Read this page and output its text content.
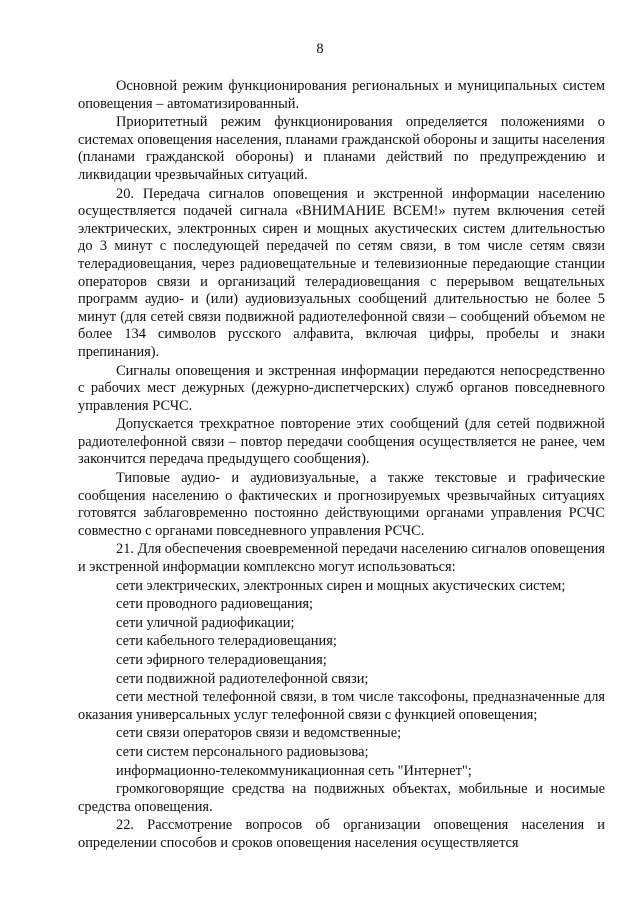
8

Основной режим функционирования региональных и муниципальных систем оповещения – автоматизированный.

Приоритетный режим функционирования определяется положениями о системах оповещения населения, планами гражданской обороны и защиты населения (планами гражданской обороны) и планами действий по предупреждению и ликвидации чрезвычайных ситуаций.

20. Передача сигналов оповещения и экстренной информации населению осуществляется подачей сигнала «ВНИМАНИЕ ВСЕМ!» путем включения сетей электрических, электронных сирен и мощных акустических систем длительностью до 3 минут с последующей передачей по сетям связи, в том числе сетям связи телерадиовещания, через радиовещательные и телевизионные передающие станции операторов связи и организаций телерадиовещания с перерывом вещательных программ аудио- и (или) аудиовизуальных сообщений длительностью не более 5 минут (для сетей связи подвижной радиотелефонной связи – сообщений объемом не более 134 символов русского алфавита, включая цифры, пробелы и знаки препинания).

Сигналы оповещения и экстренная информации передаются непосредственно с рабочих мест дежурных (дежурно-диспетчерских) служб органов повседневного управления РСЧС.

Допускается трехкратное повторение этих сообщений (для сетей подвижной радиотелефонной связи – повтор передачи сообщения осуществляется не ранее, чем закончится передача предыдущего сообщения).

Типовые аудио- и аудиовизуальные, а также текстовые и графические сообщения населению о фактических и прогнозируемых чрезвычайных ситуациях готовятся заблаговременно постоянно действующими органами управления РСЧС совместно с органами повседневного управления РСЧС.

21. Для обеспечения своевременной передачи населению сигналов оповещения и экстренной информации комплексно могут использоваться:

сети электрических, электронных сирен и мощных акустических систем;

сети проводного радиовещания;

сети уличной радиофикации;

сети кабельного телерадиовещания;

сети эфирного телерадиовещания;

сети подвижной радиотелефонной связи;

сети местной телефонной связи, в том числе таксофоны, предназначенные для оказания универсальных услуг телефонной связи с функцией оповещения;

сети связи операторов связи и ведомственные;

сети систем персонального радиовызова;

информационно-телекоммуникационная сеть "Интернет";

громкоговорящие средства на подвижных объектах, мобильные и носимые средства оповещения.

22. Рассмотрение вопросов об организации оповещения населения и определении способов и сроков оповещения населения осуществляется
